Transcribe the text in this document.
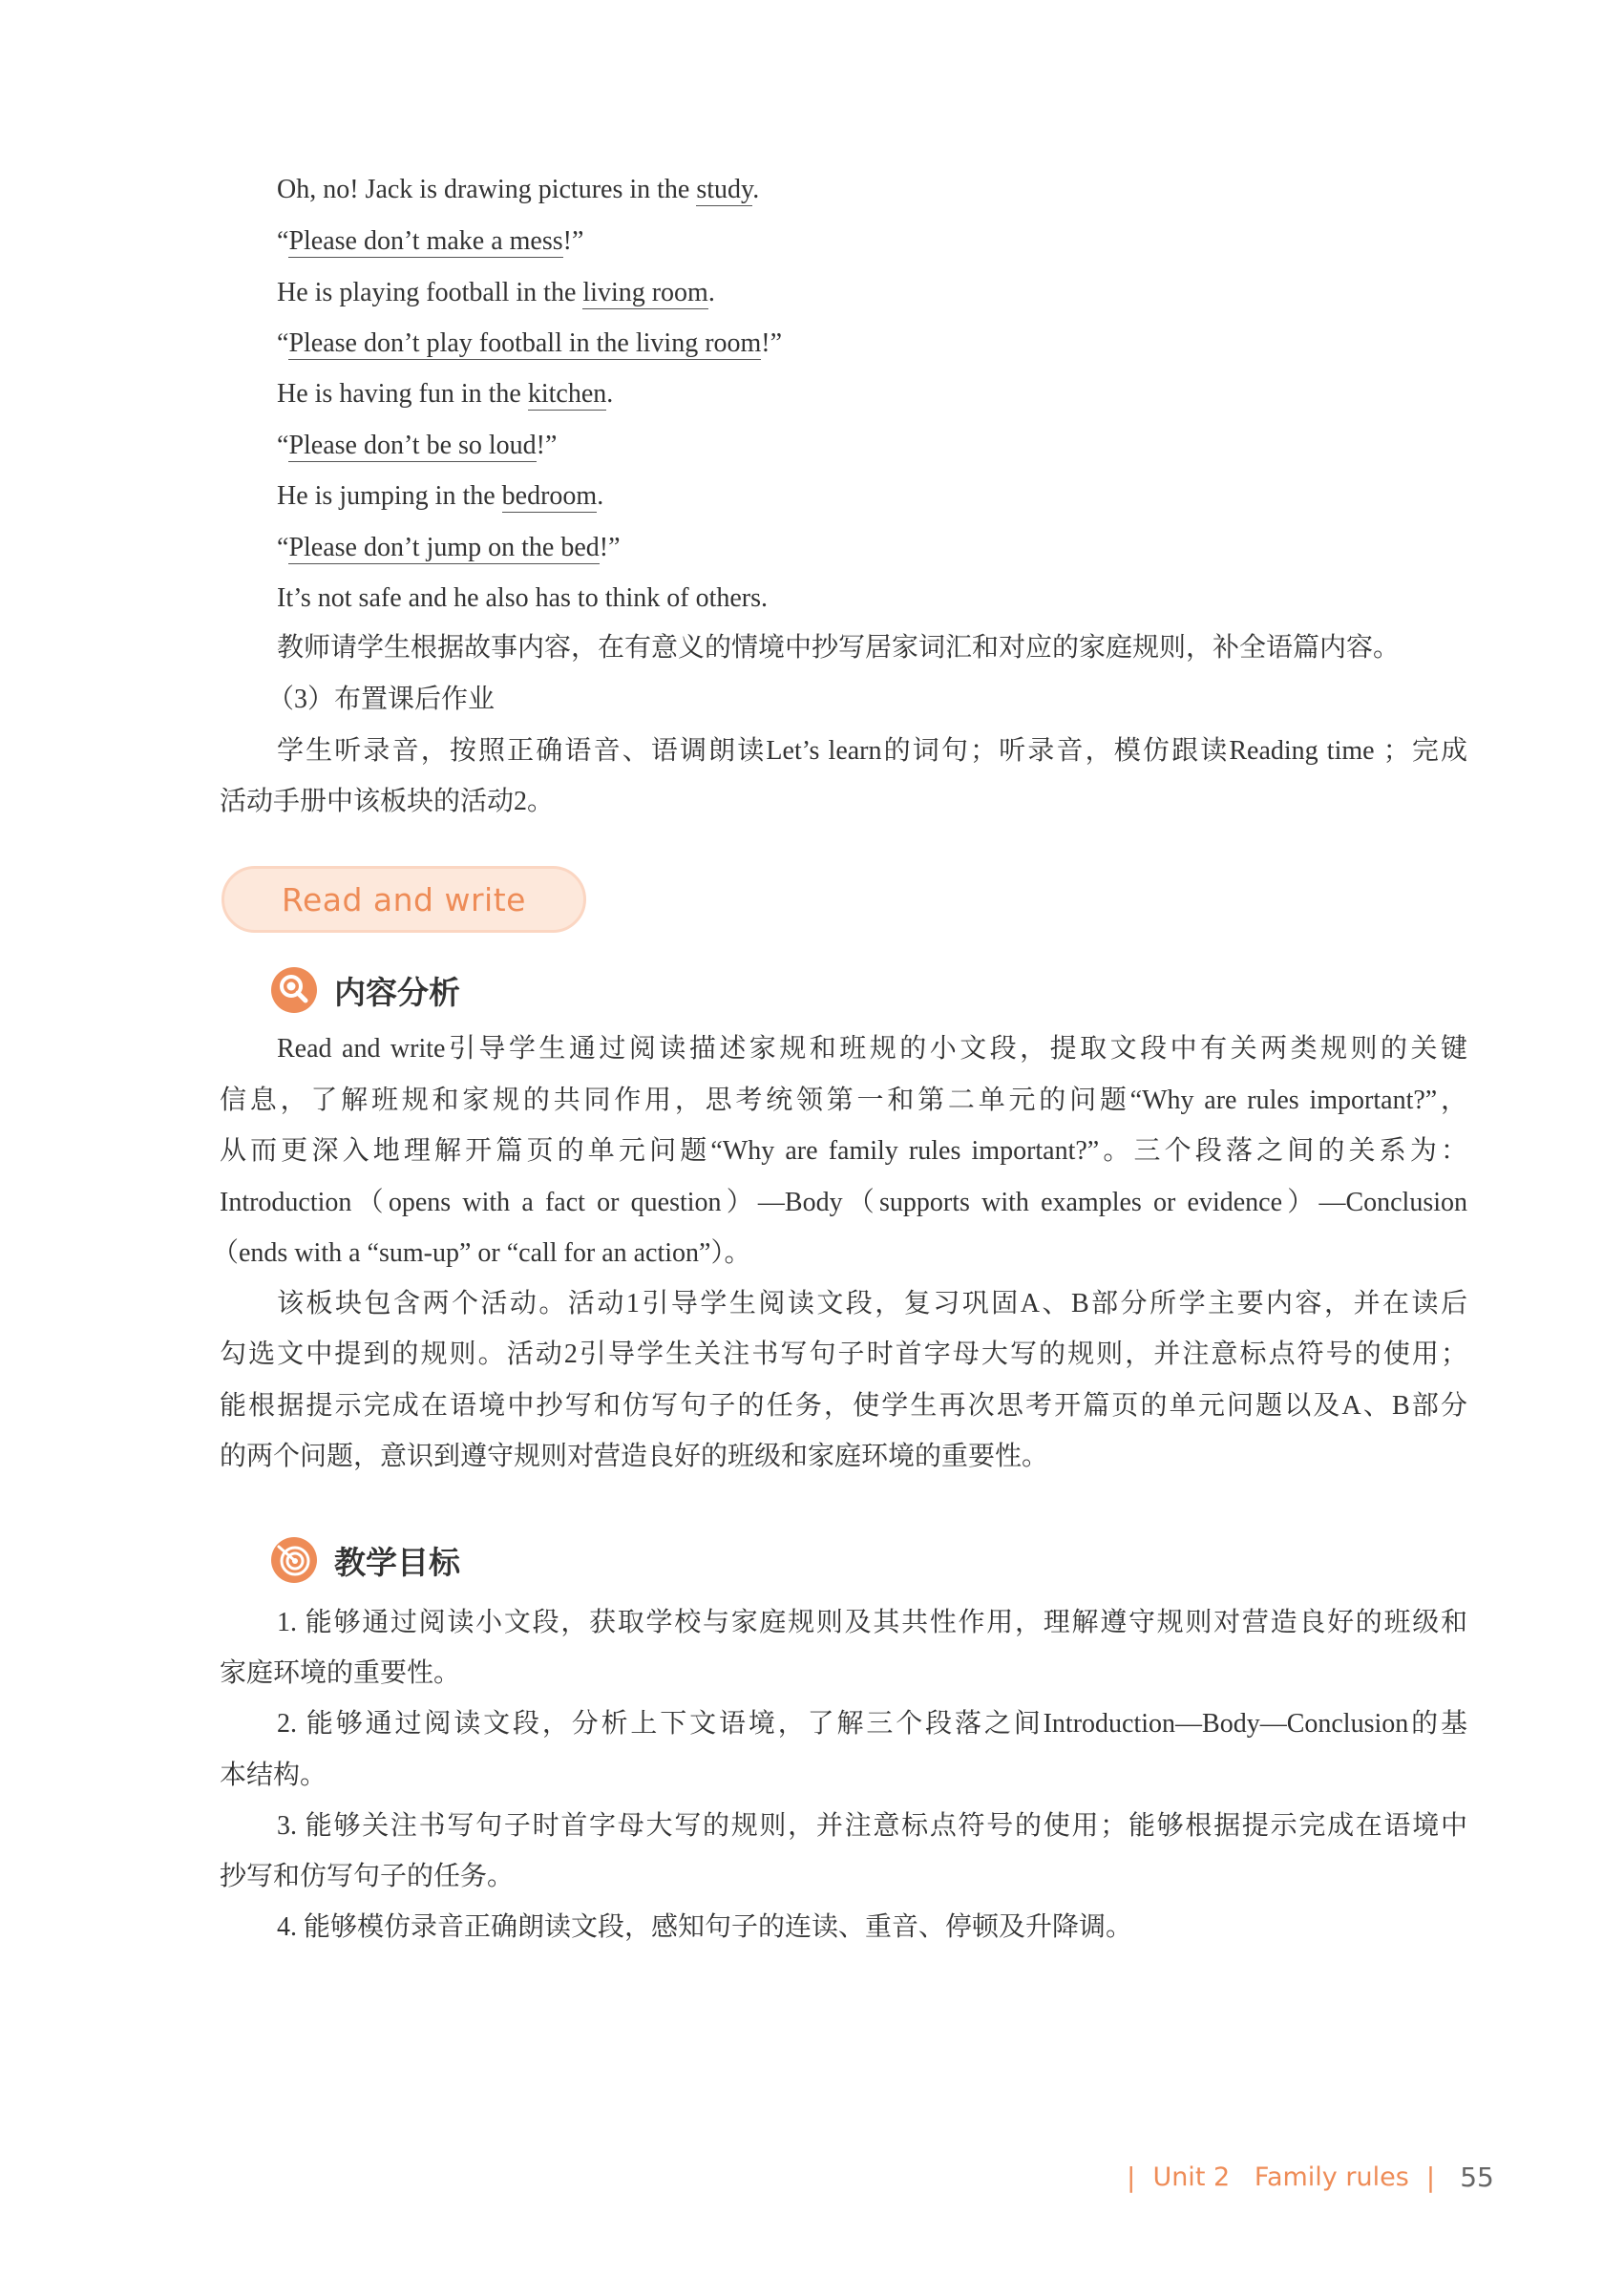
Oh, no! Jack is drawing pictures in the study.
“Please don’t make a mess!”
He is playing football in the living room.
“Please don’t play football in the living room!”
He is having fun in the kitchen.
“Please don’t be so loud!”
He is jumping in the bedroom.
“Please don’t jump on the bed!”
It’s not safe and he also has to think of others.
教师请学生根据故事内容，在有意义的情境中抄写居家词汇和对应的家庭规则，补全语篇内容。
（3）布置课后作业
学生听录音，按照正确语音、语调朗读Let’s learn的词句；听录音，模仿跟读Reading time ；完成
活动手册中该板块的活动2。
Read and write
内容分析
Read and write引导学生通过阅读描述家规和班规的小文段，提取文段中有关两类规则的关键
信息，了解班规和家规的共同作用，思考统领第一和第二单元的问题“Why are rules important?”，
从而更深入地理解开篇页的单元问题“Why are family rules important?”。三个段落之间的关系为：
Introduction（opens with a fact or question）—Body（supports with examples or evidence）—Conclusion
（ends with a “sum-up” or “call for an action”）。
该板块包含两个活动。活动1引导学生阅读文段，复习巩固A、B部分所学主要内容，并在读后
勾选文中提到的规则。活动2引导学生关注书写句子时首字母大写的规则，并注意标点符号的使用；
能根据提示完成在语境中抄写和仿写句子的任务，使学生再次思考开篇页的单元问题以及A、B部分
的两个问题，意识到遵守规则对营造良好的班级和家庭环境的重要性。
教学目标
1. 能够通过阅读小文段，获取学校与家庭规则及其共性作用，理解遵守规则对营造良好的班级和
家庭环境的重要性。
2. 能够通过阅读文段，分析上下文语境，了解三个段落之间Introduction—Body—Conclusion的基
本结构。
3. 能够关注书写句子时首字母大写的规则，并注意标点符号的使用；能够根据提示完成在语境中
抄写和仿写句子的任务。
4. 能够模仿录音正确朗读文段，感知句子的连读、重音、停顿及升降调。
| Unit 2   Family rules | 55
